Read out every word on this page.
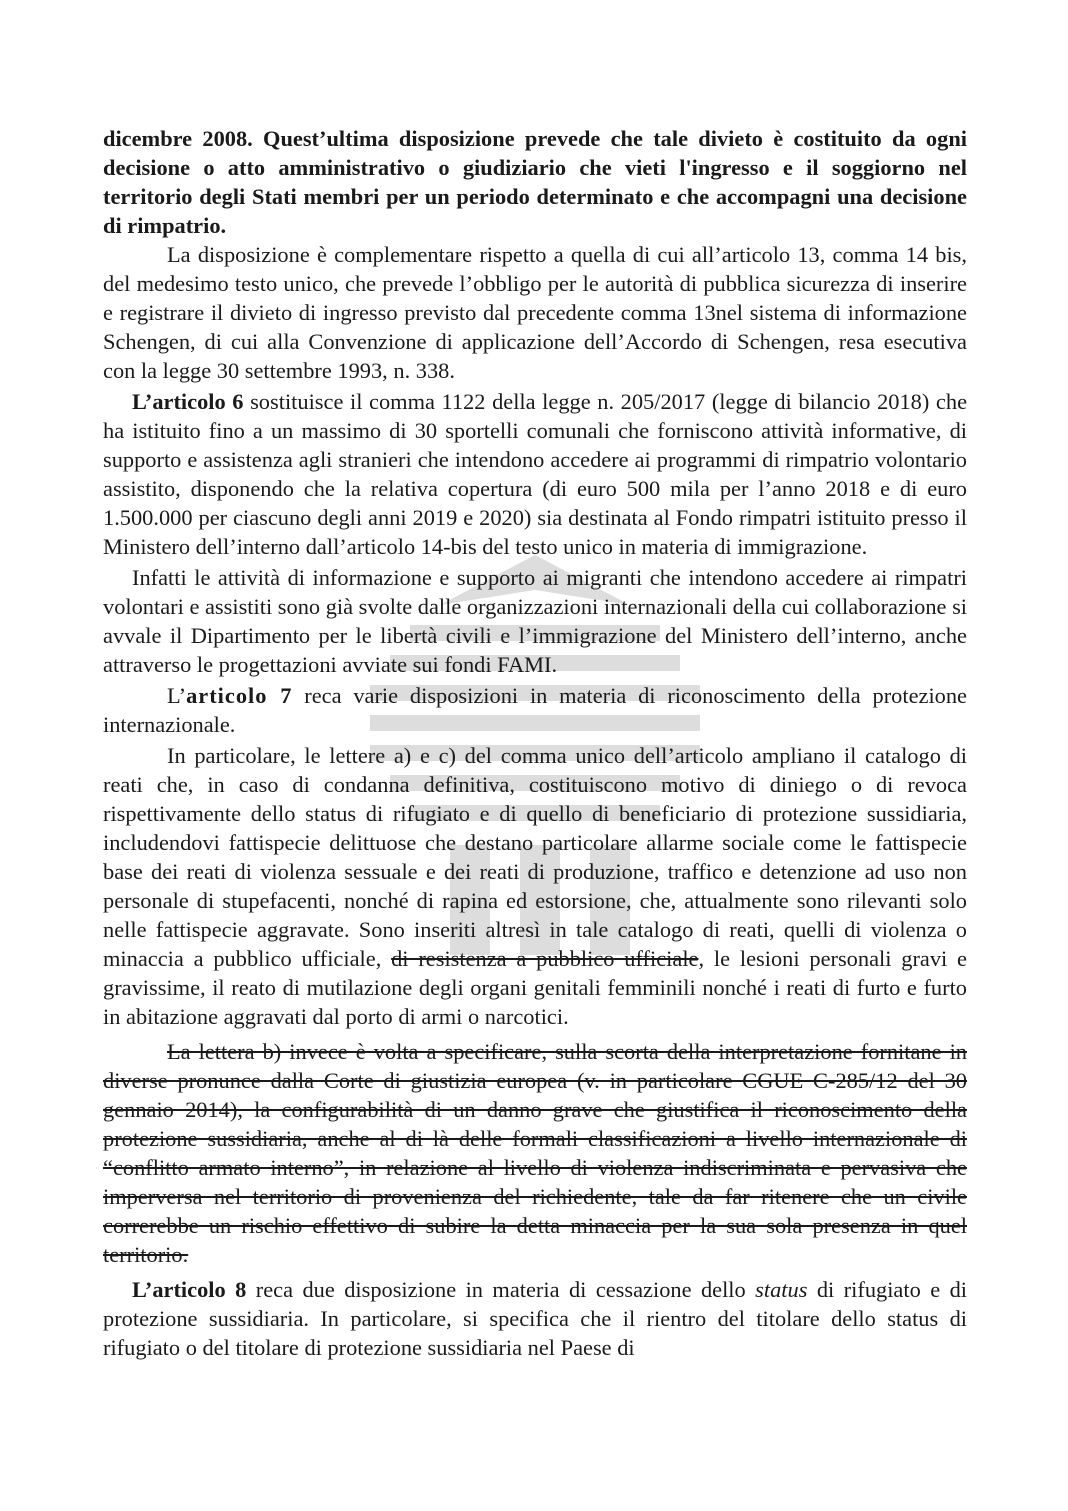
dicembre 2008. Quest’ultima disposizione prevede che tale divieto è costituito da ogni decisione o atto amministrativo o giudiziario che vieti l'ingresso e il soggiorno nel territorio degli Stati membri per un periodo determinato e che accompagni una decisione di rimpatrio.

La disposizione è complementare rispetto a quella di cui all’articolo 13, comma 14 bis, del medesimo testo unico, che prevede l’obbligo per le autorità di pubblica sicurezza di inserire e registrare il divieto di ingresso previsto dal precedente comma 13nel sistema di informazione Schengen, di cui alla Convenzione di applicazione dell’Accordo di Schengen, resa esecutiva con la legge 30 settembre 1993, n. 338.

L’articolo 6 sostituisce il comma 1122 della legge n. 205/2017 (legge di bilancio 2018) che ha istituito fino a un massimo di 30 sportelli comunali che forniscono attività informative, di supporto e assistenza agli stranieri che intendono accedere ai programmi di rimpatrio volontario assistito, disponendo che la relativa copertura (di euro 500 mila per l’anno 2018 e di euro 1.500.000 per ciascuno degli anni 2019 e 2020) sia destinata al Fondo rimpatri istituito presso il Ministero dell’interno dall’articolo 14-bis del testo unico in materia di immigrazione.

Infatti le attività di informazione e supporto ai migranti che intendono accedere ai rimpatri volontari e assistiti sono già svolte dalle organizzazioni internazionali della cui collaborazione si avvale il Dipartimento per le libertà civili e l’immigrazione del Ministero dell’interno, anche attraverso le progettazioni avviate sui fondi FAMI.

L’articolo 7 reca varie disposizioni in materia di riconoscimento della protezione internazionale.

In particolare, le lettere a) e c) del comma unico dell’articolo ampliano il catalogo di reati che, in caso di condanna definitiva, costituiscono motivo di diniego o di revoca rispettivamente dello status di rifugiato e di quello di beneficiario di protezione sussidiaria, includendovi fattispecie delittuose che destano particolare allarme sociale come le fattispecie base dei reati di violenza sessuale e dei reati di produzione, traffico e detenzione ad uso non personale di stupefacenti, nonché di rapina ed estorsione, che, attualmente sono rilevanti solo nelle fattispecie aggravate. Sono inseriti altresì in tale catalogo di reati, quelli di violenza o minaccia a pubblico ufficiale, di resistenza a pubblico ufficiale, le lesioni personali gravi e gravissime, il reato di mutilazione degli organi genitali femminili nonché i reati di furto e furto in abitazione aggravati dal porto di armi o narcotici.

La lettera b) invece è volta a specificare, sulla scorta della interpretazione fornitane in diverse pronunce dalla Corte di giustizia europea (v. in particolare CGUE C-285/12 del 30 gennaio 2014), la configurabilità di un danno grave che giustifica il riconoscimento della protezione sussidiaria, anche al di là delle formali classificazioni a livello internazionale di “conflitto armato interno”, in relazione al livello di violenza indiscriminata e pervasiva che imperversa nel territorio di provenienza del richiedente, tale da far ritenere che un civile correrebbe un rischio effettivo di subire la detta minaccia per la sua sola presenza in quel territorio.

L’articolo 8 reca due disposizione in materia di cessazione dello status di rifugiato e di protezione sussidiaria. In particolare, si specifica che il rientro del titolare dello status di rifugiato o del titolare di protezione sussidiaria nel Paese di
